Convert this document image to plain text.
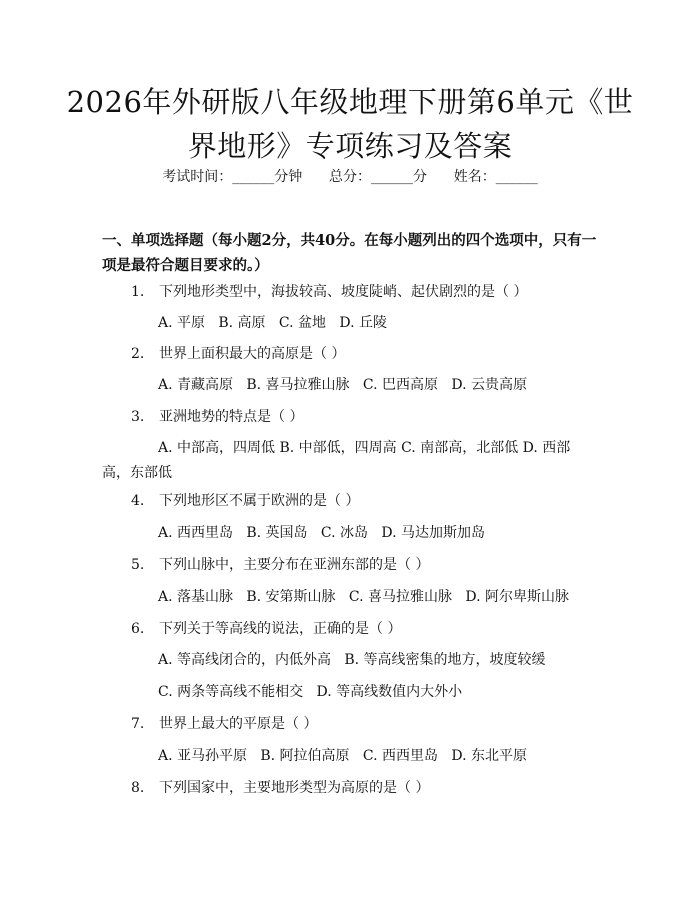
2026年外研版八年级地理下册第6单元《世界地形》专项练习及答案
考试时间：______分钟      总分：______分      姓名：______
一、单项选择题（每小题2分，共40分。在每小题列出的四个选项中，只有一项是最符合题目要求的。）
1. 下列地形类型中，海拔较高、坡度陡峭、起伏剧烈的是（ ）
A. 平原   B. 高原   C. 盆地   D. 丘陵
2. 世界上面积最大的高原是（ ）
A. 青藏高原   B. 喜马拉雅山脉   C. 巴西高原   D. 云贵高原
3. 亚洲地势的特点是（ ）
A. 中部高，四周低 B. 中部低，四周高 C. 南部高，北部低 D. 西部高，东部低
4. 下列地形区不属于欧洲的是（ ）
A. 西西里岛   B. 英国岛   C. 冰岛   D. 马达加斯加岛
5. 下列山脉中，主要分布在亚洲东部的是（ ）
A. 落基山脉   B. 安第斯山脉   C. 喜马拉雅山脉   D. 阿尔卑斯山脉
6. 下列关于等高线的说法，正确的是（ ）
A. 等高线闭合的，内低外高   B. 等高线密集的地方，坡度较缓
C. 两条等高线不能相交   D. 等高线数值内大外小
7. 世界上最大的平原是（ ）
A. 亚马孙平原   B. 阿拉伯高原   C. 西西里岛   D. 东北平原
8. 下列国家中，主要地形类型为高原的是（ ）
